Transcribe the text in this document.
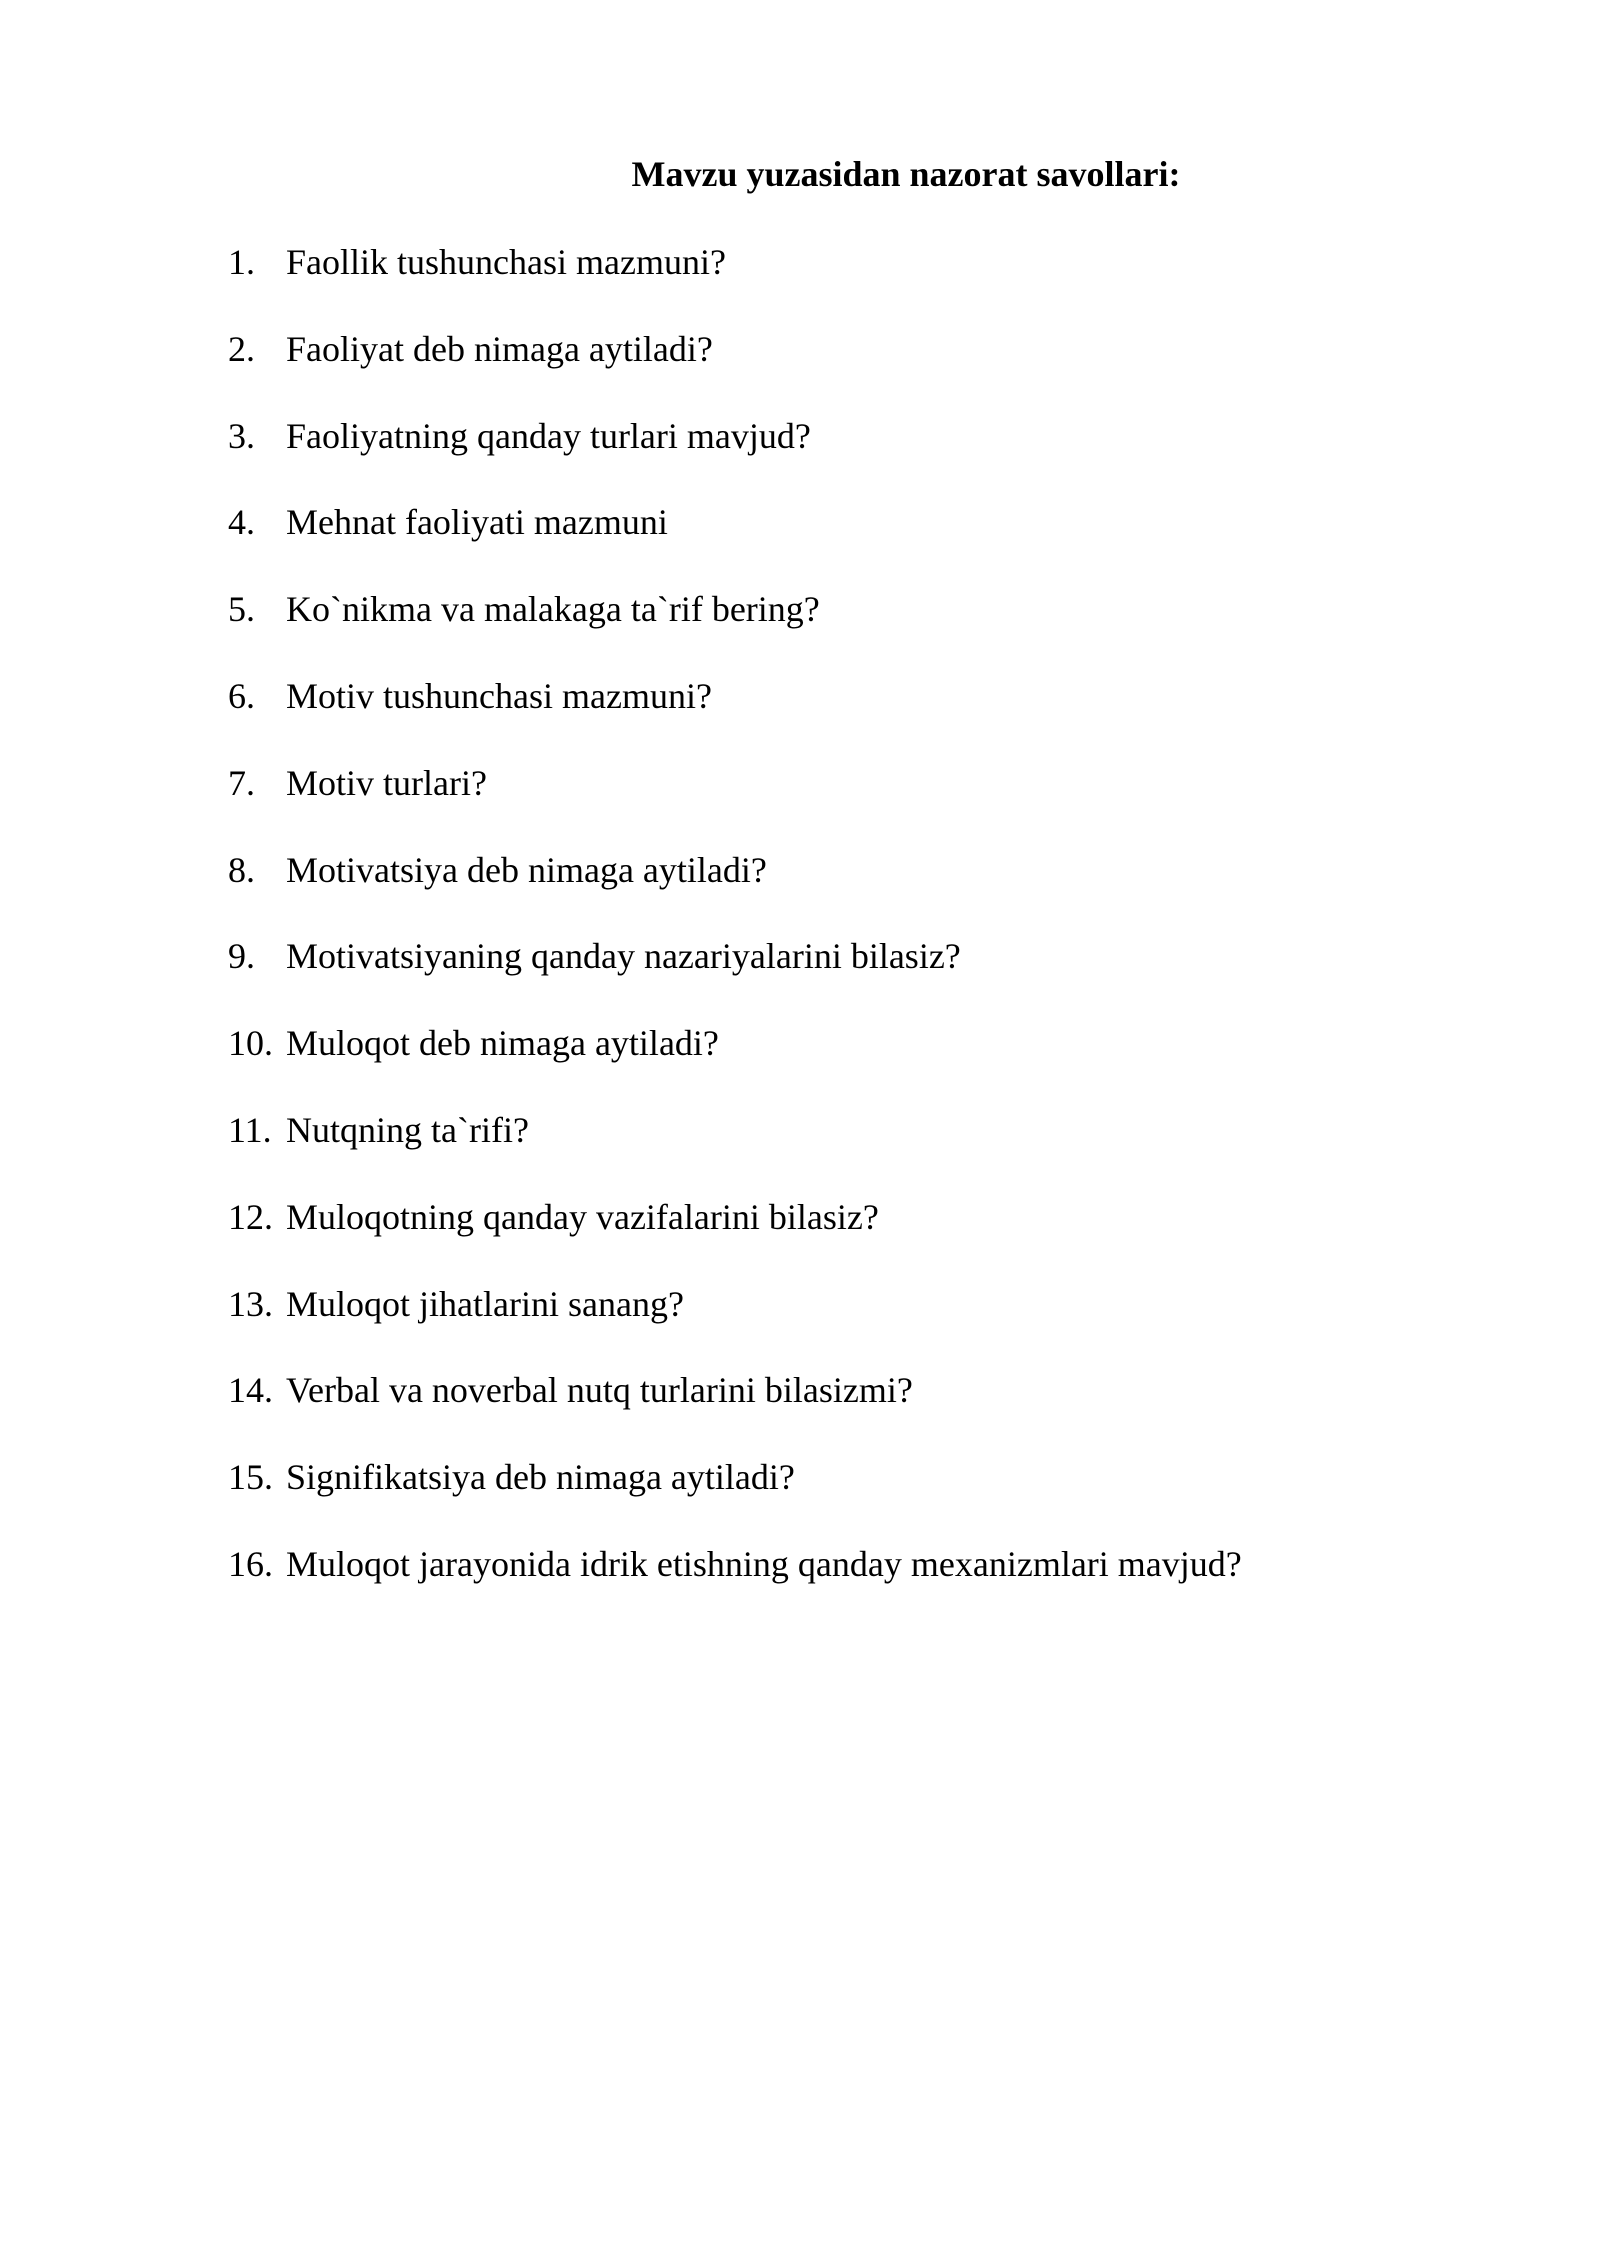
Mavzu yuzasidan nazorat savollari:
1. Faollik tushunchasi mazmuni?
2. Faoliyat deb nimaga aytiladi?
3. Faoliyatning qanday turlari mavjud?
4. Mehnat faoliyati mazmuni
5. Ko`nikma va malakaga ta`rif bering?
6. Motiv tushunchasi mazmuni?
7. Motiv turlari?
8. Motivatsiya deb nimaga aytiladi?
9. Motivatsiyaning qanday nazariyalarini bilasiz?
10. Muloqot deb nimaga aytiladi?
11. Nutqning ta`rifi?
12. Muloqotning qanday vazifalarini bilasiz?
13. Muloqot jihatlarini sanang?
14. Verbal va noverbal nutq turlarini bilasizmi?
15. Signifikatsiya deb nimaga aytiladi?
16. Muloqot jarayonida idrik etishning qanday mexanizmlari mavjud?
